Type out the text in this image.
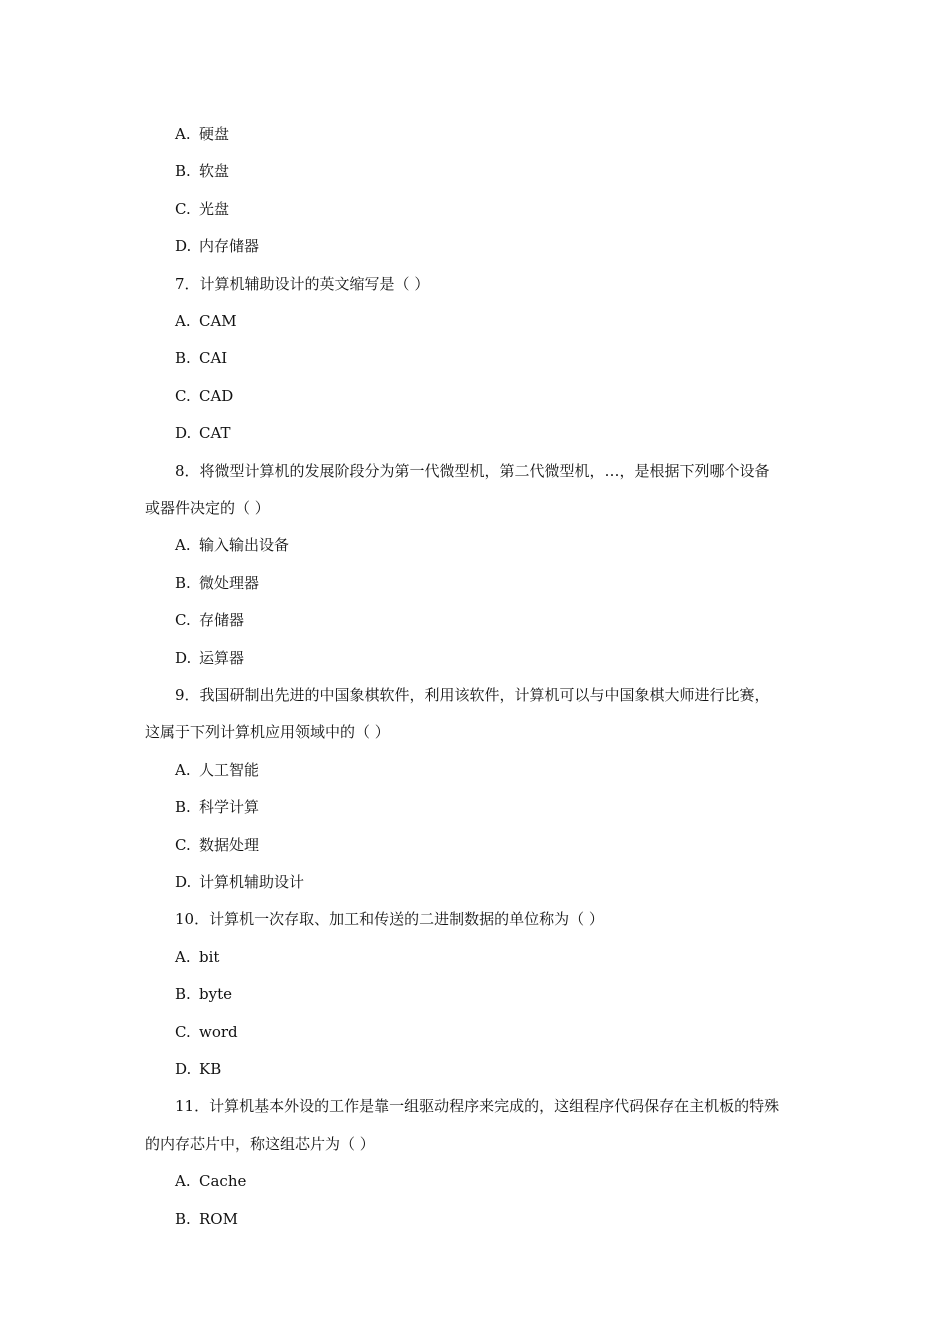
A. 硬盘
B. 软盘
C. 光盘
D. 内存储器
7．计算机辅助设计的英文缩写是（ ）
A. CAM
B. CAI
C. CAD
D. CAT
8．将微型计算机的发展阶段分为第一代微型机，第二代微型机，…，是根据下列哪个设备
或器件决定的（ ）
A. 输入输出设备
B. 微处理器
C. 存储器
D. 运算器
9．我国研制出先进的中国象棋软件，利用该软件，计算机可以与中国象棋大师进行比赛，
这属于下列计算机应用领域中的（ ）
A. 人工智能
B. 科学计算
C. 数据处理
D. 计算机辅助设计
10．计算机一次存取、加工和传送的二进制数据的单位称为（ ）
A. bit
B. byte
C. word
D. KB
11．计算机基本外设的工作是靠一组驱动程序来完成的，这组程序代码保存在主机板的特殊
的内存芯片中，称这组芯片为（ ）
A. Cache
B. ROM
